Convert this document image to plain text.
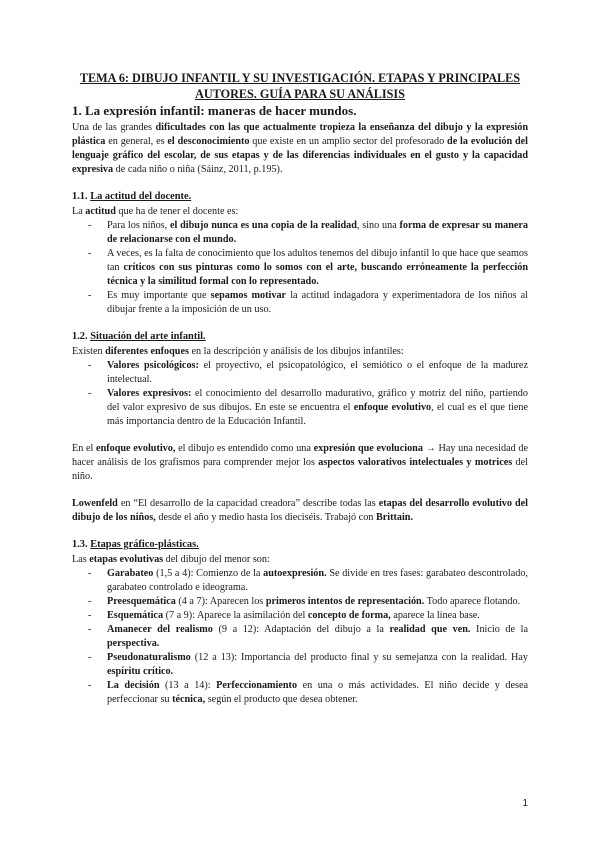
TEMA 6: DIBUJO INFANTIL Y SU INVESTIGACIÓN. ETAPAS Y PRINCIPALES AUTORES. GUÍA PARA SU ANÁLISIS
1. La expresión infantil: maneras de hacer mundos.

Una de las grandes dificultades con las que actualmente tropieza la enseñanza del dibujo y la expresión plástica en general, es el desconocimiento que existe en un amplio sector del profesorado de la evolución del lenguaje gráfico del escolar, de sus etapas y de las diferencias individuales en el gusto y la capacidad expresiva de cada niño o niña (Sáinz, 2011, p.195).

1.1. La actitud del docente.

La actitud que ha de tener el docente es:

- Para los niños, el dibujo nunca es una copia de la realidad, sino una forma de expresar su manera de relacionarse con el mundo.
- A veces, es la falta de conocimiento que los adultos tenemos del dibujo infantil lo que hace que seamos tan críticos con sus pinturas como lo somos con el arte, buscando erróneamente la perfección técnica y la similitud formal con lo representado.
- Es muy importante que sepamos motivar la actitud indagadora y experimentadora de los niños al dibujar frente a la imposición de un uso.
1.2. Situación del arte infantil.

Existen diferentes enfoques en la descripción y análisis de los dibujos infantiles:

- Valores psicológicos: el proyectivo, el psicopatológico, el semiótico o el enfoque de la madurez intelectual.
- Valores expresivos: el conocimiento del desarrollo madurativo, gráfico y motriz del niño, partiendo del valor expresivo de sus dibujos. En este se encuentra el enfoque evolutivo, el cual es el que tiene más importancia dentro de la Educación Infantil.

En el enfoque evolutivo, el dibujo es entendido como una expresión que evoluciona → Hay una necesidad de hacer análisis de los grafismos para comprender mejor los aspectos valorativos intelectuales y motrices del niño.

Lowenfeld en “El desarrollo de la capacidad creadora” describe todas las etapas del desarrollo evolutivo del dibujo de los niños, desde el año y medio hasta los dieciséis. Trabajó con Brittain.

1.3. Etapas gráfico-plásticas.

Las etapas evolutivas del dibujo del menor son:

- Garabateo (1,5 a 4): Comienzo de la autoexpresión. Se divide en tres fases: garabateo descontrolado, garabateo controlado e ideograma.
- Preesquemática (4 a 7): Aparecen los primeros intentos de representación. Todo aparece flotando.
- Esquemática (7 a 9): Aparece la asimilación del concepto de forma, aparece la línea base.
- Amanecer del realismo (9 a 12): Adaptación del dibujo a la realidad que ven. Inicio de la perspectiva.
- Pseudonaturalismo (12 a 13): Importancia del producto final y su semejanza con la realidad. Hay espíritu crítico.
- La decisión (13 a 14): Perfeccionamiento en una o más actividades. El niño decide y desea perfeccionar su técnica, según el producto que desea obtener.
1
